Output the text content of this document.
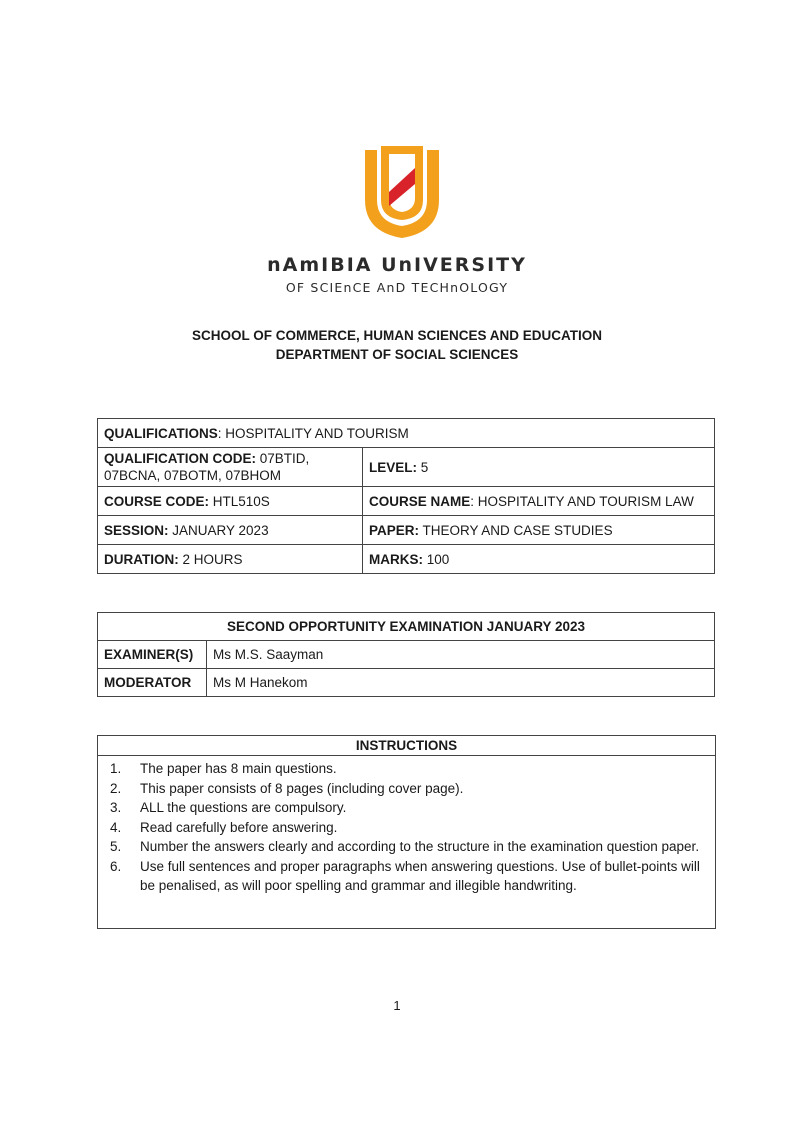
nAmIBIA UnIVERSITY
OF SCIEnCE AnD TECHnOLOGY
SCHOOL OF COMMERCE, HUMAN SCIENCES AND EDUCATION
DEPARTMENT OF SOCIAL SCIENCES
QUALIFICATIONS: HOSPITALITY AND TOURISM	
QUALIFICATION CODE: 07BTID, 07BCNA, 07BOTM, 07BHOM	LEVEL: 5
COURSE CODE: HTL510S	COURSE NAME: HOSPITALITY AND TOURISM LAW
SESSION: JANUARY 2023	PAPER: THEORY AND CASE STUDIES
DURATION: 2 HOURS	MARKS: 100
SECOND OPPORTUNITY EXAMINATION JANUARY 2023	
EXAMINER(S)	Ms M.S. Saayman
MODERATOR	Ms M Hanekom
INSTRUCTIONS
1. The paper has 8 main questions.
2. This paper consists of 8 pages (including cover page).
3. ALL the questions are compulsory.
4. Read carefully before answering.
5. Number the answers clearly and according to the structure in the examination question paper.
6. Use full sentences and proper paragraphs when answering questions. Use of bullet-points will be penalised, as will poor spelling and grammar and illegible handwriting.
1
